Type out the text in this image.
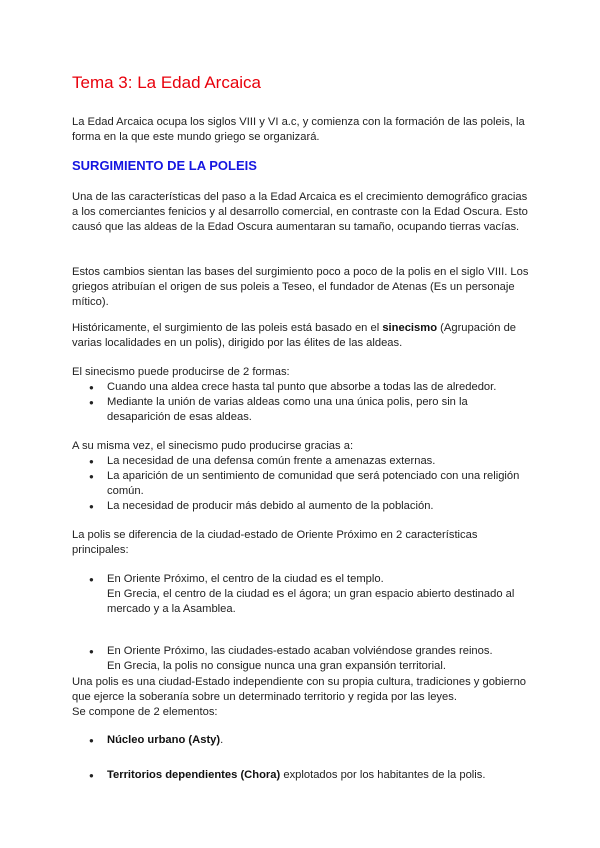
Tema 3: La Edad Arcaica

La Edad Arcaica ocupa los siglos VIII y VI a.c, y comienza con la formación de las poleis, la forma en la que este mundo griego se organizará.

SURGIMIENTO DE LA POLEIS

Una de las características del paso a la Edad Arcaica es el crecimiento demográfico gracias a los comerciantes fenicios y al desarrollo comercial, en contraste con la Edad Oscura. Esto causó que las aldeas de la Edad Oscura aumentaran su tamaño, ocupando tierras vacías.

Estos cambios sientan las bases del surgimiento poco a poco de la polis en el siglo VIII. Los griegos atribuían el origen de sus poleis a Teseo, el fundador de Atenas (Es un personaje mítico).

Históricamente, el surgimiento de las poleis está basado en el sinecismo (Agrupación de varias localidades en un polis), dirigido por las élites de las aldeas.

El sinecismo puede producirse de 2 formas:

● Cuando una aldea crece hasta tal punto que absorbe a todas las de alrededor.
● Mediante la unión de varias aldeas como una una única polis, pero sin la desaparición de esas aldeas.

A su misma vez, el sinecismo pudo producirse gracias a:

● La necesidad de una defensa común frente a amenazas externas.
● La aparición de un sentimiento de comunidad que será potenciado con una religión común.
● La necesidad de producir más debido al aumento de la población.

La polis se diferencia de la ciudad-estado de Oriente Próximo en 2 características principales:

● En Oriente Próximo, el centro de la ciudad es el templo.
En Grecia, el centro de la ciudad es el ágora; un gran espacio abierto destinado al mercado y a la Asamblea.
● En Oriente Próximo, las ciudades-estado acaban volviéndose grandes reinos.
En Grecia, la polis no consigue nunca una gran expansión territorial.
Una polis es una ciudad-Estado independiente con su propia cultura, tradiciones y gobierno que ejerce la soberanía sobre un determinado territorio y regida por las leyes.
Se compone de 2 elementos:
● Núcleo urbano (Asty).
● Territorios dependientes (Chora) explotados por los habitantes de la polis.
